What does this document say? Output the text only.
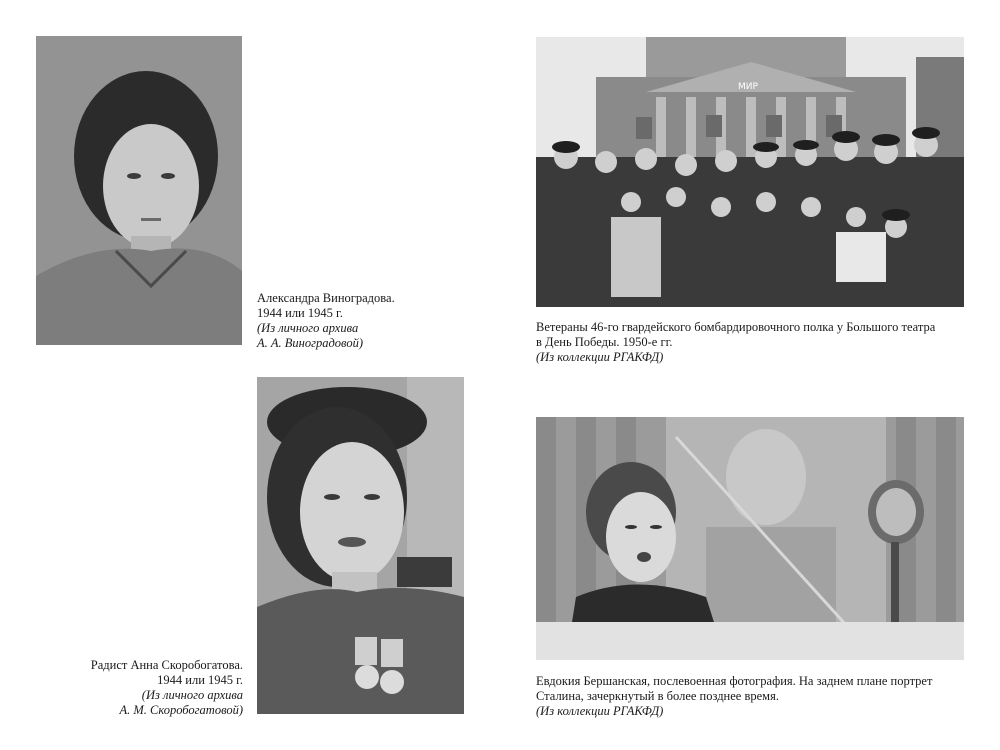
Александра Виноградова.
1944 или 1945 г.
(Из личного архива
А. А. Виноградовой)
МИР
Ветераны 46-го гвардейского бомбардировочного полка у Большого театра
в День Победы. 1950-е гг.
(Из коллекции РГАКФД)
Радист Анна Скоробогатова.
1944 или 1945 г.
(Из личного архива
А. М. Скоробогатовой)
Евдокия Бершанская, послевоенная фотография. На заднем плане портрет
Сталина, зачеркнутый в более позднее время.
(Из коллекции РГАКФД)
